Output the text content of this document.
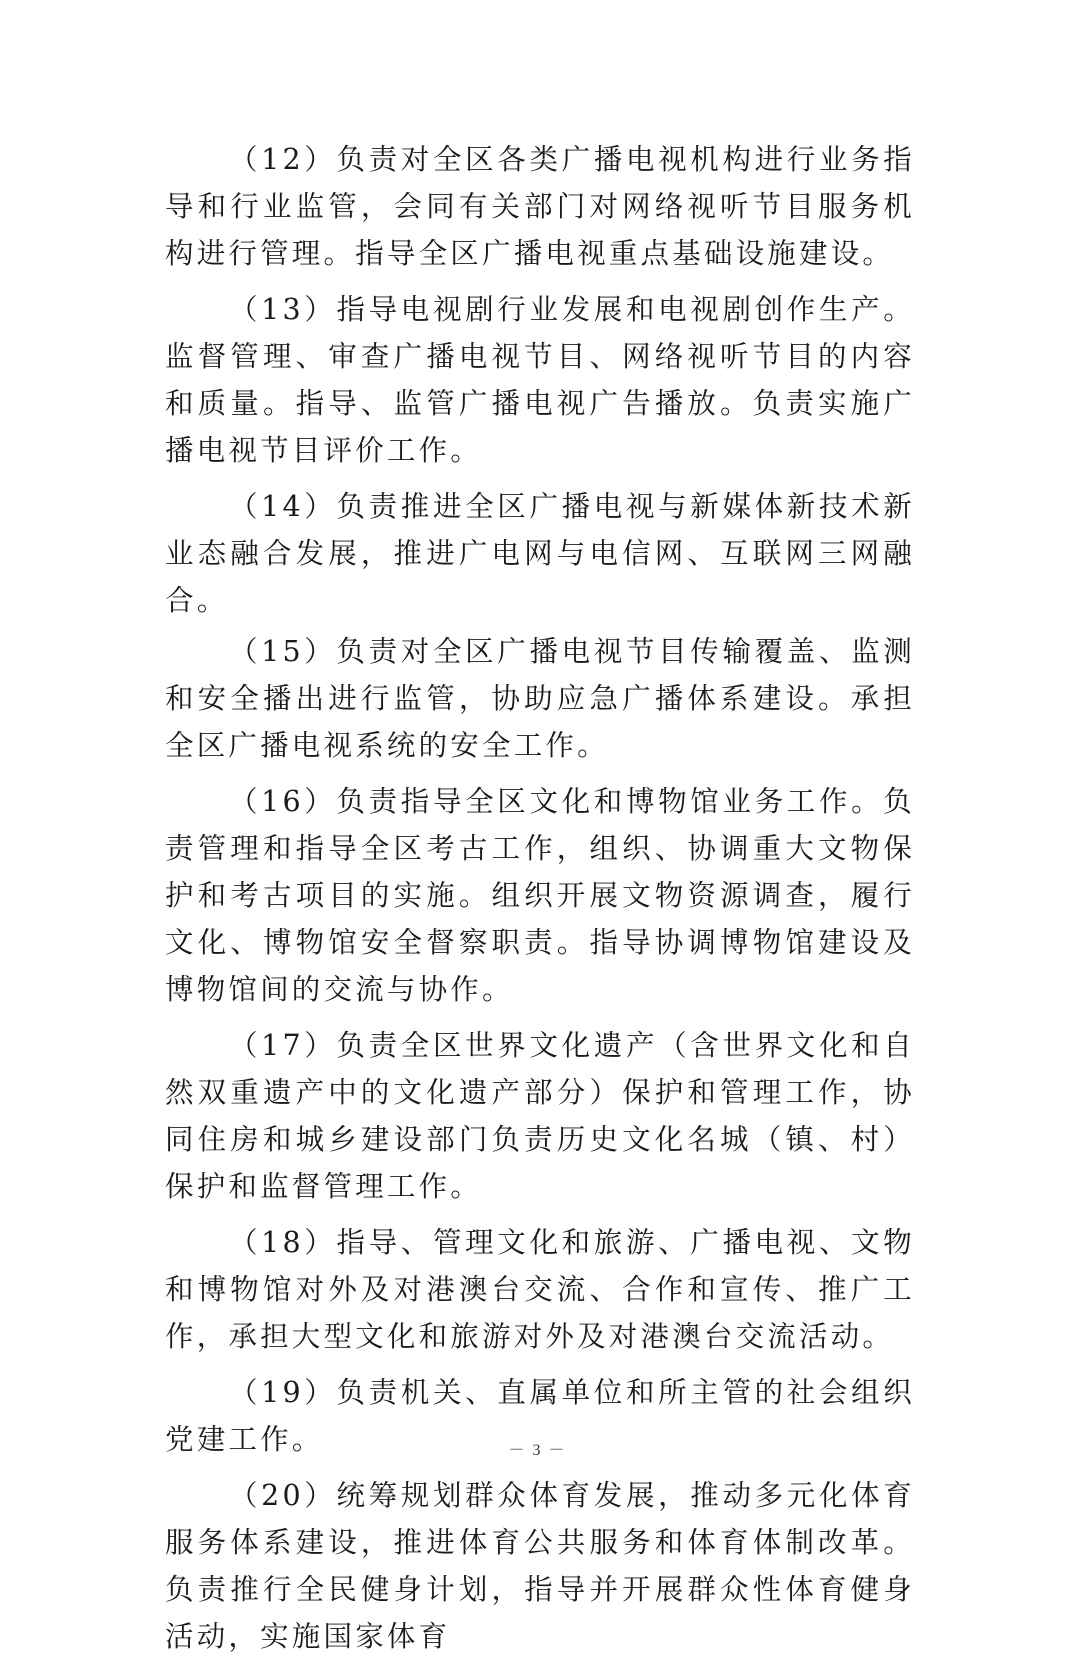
（12）负责对全区各类广播电视机构进行业务指导和行业监管，会同有关部门对网络视听节目服务机构进行管理。指导全区广播电视重点基础设施建设。

（13）指导电视剧行业发展和电视剧创作生产。监督管理、审查广播电视节目、网络视听节目的内容和质量。指导、监管广播电视广告播放。负责实施广播电视节目评价工作。

（14）负责推进全区广播电视与新媒体新技术新业态融合发展，推进广电网与电信网、互联网三网融合。

（15）负责对全区广播电视节目传输覆盖、监测和安全播出进行监管，协助应急广播体系建设。承担全区广播电视系统的安全工作。

（16）负责指导全区文化和博物馆业务工作。负责管理和指导全区考古工作，组织、协调重大文物保护和考古项目的实施。组织开展文物资源调查，履行文化、博物馆安全督察职责。指导协调博物馆建设及博物馆间的交流与协作。

（17）负责全区世界文化遗产（含世界文化和自然双重遗产中的文化遗产部分）保护和管理工作，协同住房和城乡建设部门负责历史文化名城（镇、村）保护和监督管理工作。

（18）指导、管理文化和旅游、广播电视、文物和博物馆对外及对港澳台交流、合作和宣传、推广工作，承担大型文化和旅游对外及对港澳台交流活动。

（19）负责机关、直属单位和所主管的社会组织党建工作。

（20）统筹规划群众体育发展，推动多元化体育服务体系建设，推进体育公共服务和体育体制改革。负责推行全民健身计划，指导并开展群众性体育健身活动，实施国家体育

－ 3 －
